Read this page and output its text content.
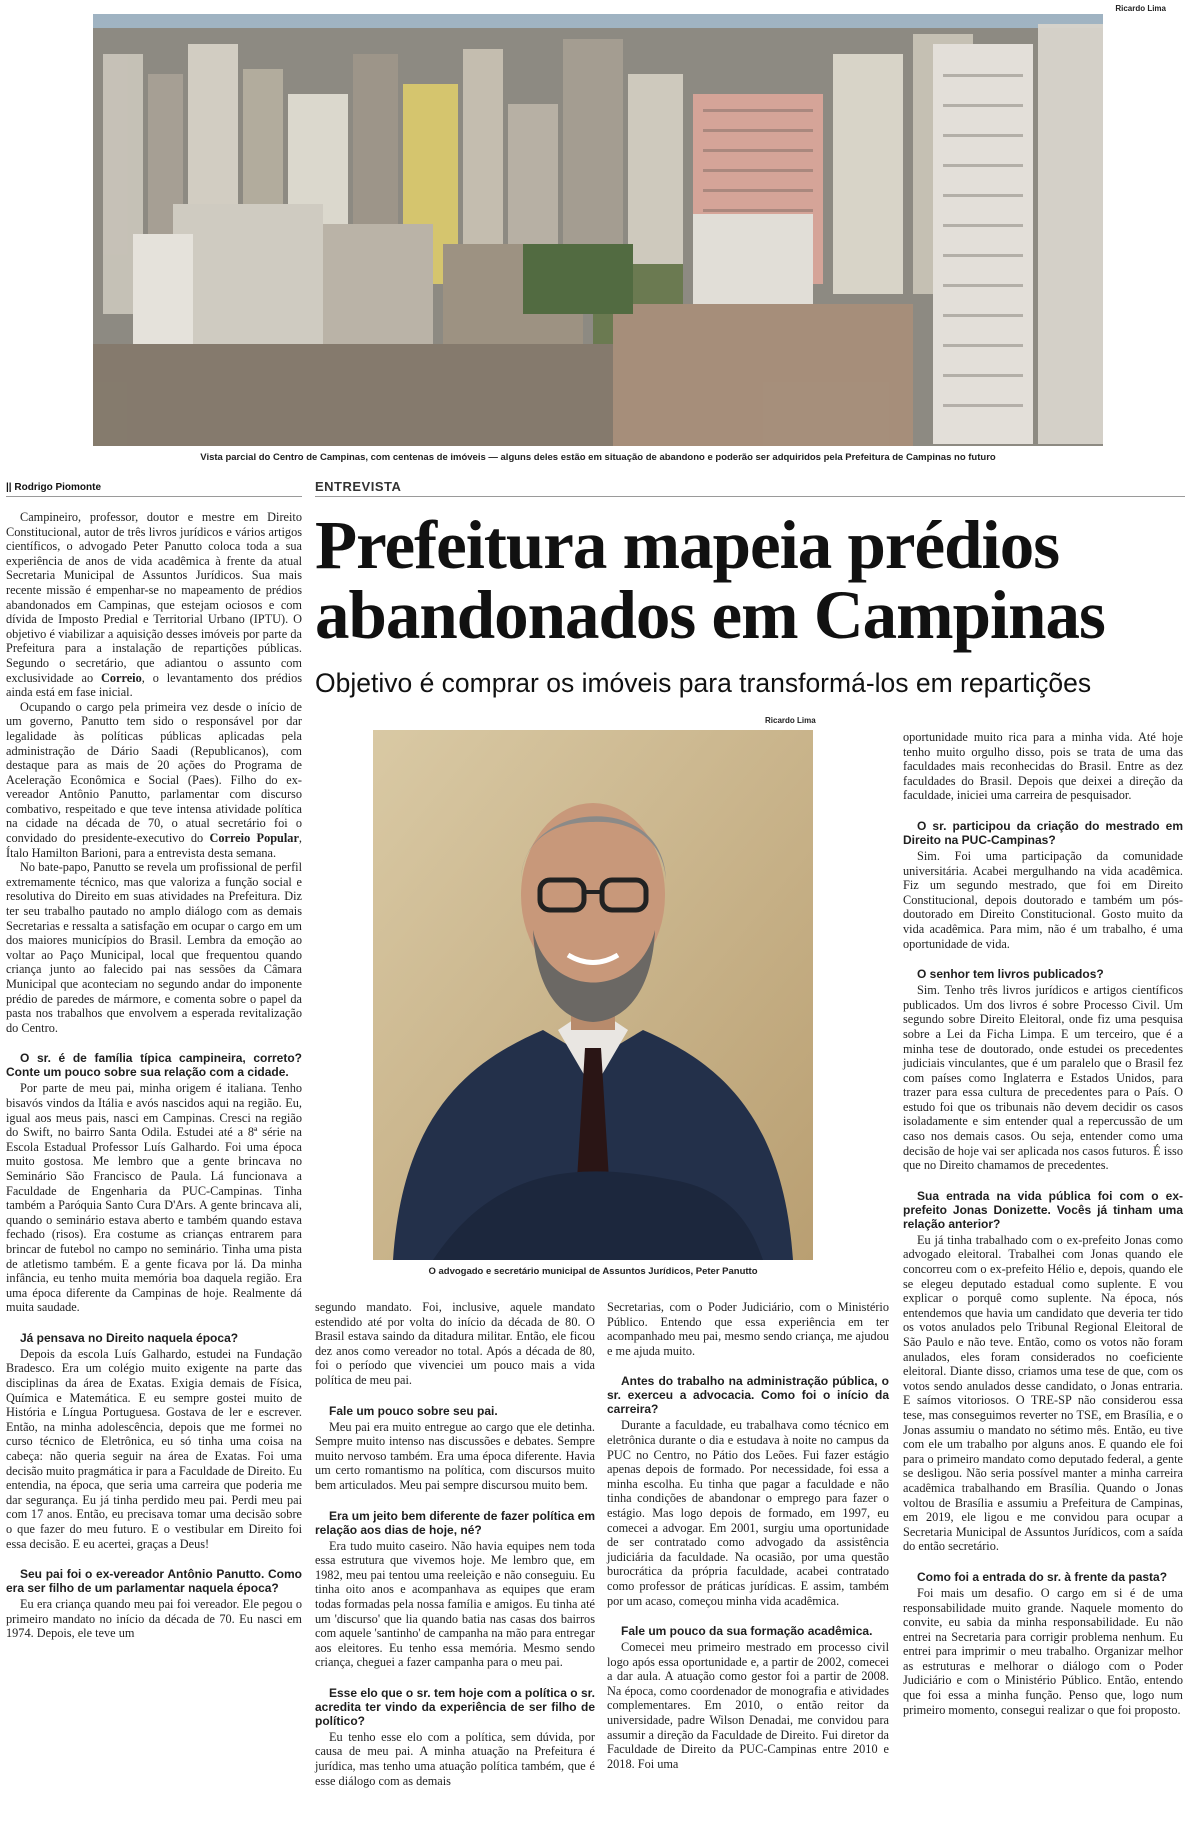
Ricardo Lima
Vista parcial do Centro de Campinas, com centenas de imóveis — alguns deles estão em situação de abandono e poderão ser adquiridos pela Prefeitura de Campinas no futuro
|| Rodrigo Piomonte	ENTREVISTA
Prefeitura mapeia prédios abandonados em Campinas
Objetivo é comprar os imóveis para transformá-los em repartições
Ricardo Lima
O advogado e secretário municipal de Assuntos Jurídicos, Peter Panutto

Campineiro, professor, doutor e mestre em Direito Constitucional, autor de três livros jurídicos e vários artigos científicos, o advogado Peter Panutto coloca toda a sua experiência de anos de vida acadêmica à frente da atual Secretaria Municipal de Assuntos Jurídicos. Sua mais recente missão é empenhar-se no mapeamento de prédios abandonados em Campinas, que estejam ociosos e com dívida de Imposto Predial e Territorial Urbano (IPTU). O objetivo é viabilizar a aquisição desses imóveis por parte da Prefeitura para a instalação de repartições públicas. Segundo o secretário, que adiantou o assunto com exclusividade ao Correio, o levantamento dos prédios ainda está em fase inicial.

Ocupando o cargo pela primeira vez desde o início de um governo, Panutto tem sido o responsável por dar legalidade às políticas públicas aplicadas pela administração de Dário Saadi (Republicanos), com destaque para as mais de 20 ações do Programa de Aceleração Econômica e Social (Paes). Filho do ex-vereador Antônio Panutto, parlamentar com discurso combativo, respeitado e que teve intensa atividade política na cidade na década de 70, o atual secretário foi o convidado do presidente-executivo do Correio Popular, Ítalo Hamilton Barioni, para a entrevista desta semana.

No bate-papo, Panutto se revela um profissional de perfil extremamente técnico, mas que valoriza a função social e resolutiva do Direito em suas atividades na Prefeitura. Diz ter seu trabalho pautado no amplo diálogo com as demais Secretarias e ressalta a satisfação em ocupar o cargo em um dos maiores municípios do Brasil. Lembra da emoção ao voltar ao Paço Municipal, local que frequentou quando criança junto ao falecido pai nas sessões da Câmara Municipal que aconteciam no segundo andar do imponente prédio de paredes de mármore, e comenta sobre o papel da pasta nos trabalhos que envolvem a esperada revitalização do Centro.

O sr. é de família típica campineira, correto? Conte um pouco sobre sua relação com a cidade.

Por parte de meu pai, minha origem é italiana. Tenho bisavós vindos da Itália e avós nascidos aqui na região. Eu, igual aos meus pais, nasci em Campinas. Cresci na região do Swift, no bairro Santa Odila. Estudei até a 8ª série na Escola Estadual Professor Luís Galhardo. Foi uma época muito gostosa. Me lembro que a gente brincava no Seminário São Francisco de Paula. Lá funcionava a Faculdade de Engenharia da PUC-Campinas. Tinha também a Paróquia Santo Cura D'Ars. A gente brincava ali, quando o seminário estava aberto e também quando estava fechado (risos). Era costume as crianças entrarem para brincar de futebol no campo no seminário. Tinha uma pista de atletismo também. E a gente ficava por lá. Da minha infância, eu tenho muita memória boa daquela região. Era uma época diferente da Campinas de hoje. Realmente dá muita saudade.

Já pensava no Direito naquela época?

Depois da escola Luís Galhardo, estudei na Fundação Bradesco. Era um colégio muito exigente na parte das disciplinas da área de Exatas. Exigia demais de Física, Química e Matemática. E eu sempre gostei muito de História e Língua Portuguesa. Gostava de ler e escrever. Então, na minha adolescência, depois que me formei no curso técnico de Eletrônica, eu só tinha uma coisa na cabeça: não queria seguir na área de Exatas. Foi uma decisão muito pragmática ir para a Faculdade de Direito. Eu entendia, na época, que seria uma carreira que poderia me dar segurança. Eu já tinha perdido meu pai. Perdi meu pai com 17 anos. Então, eu precisava tomar uma decisão sobre o que fazer do meu futuro. E o vestibular em Direito foi essa decisão. E eu acertei, graças a Deus!

Seu pai foi o ex-vereador Antônio Panutto. Como era ser filho de um parlamentar naquela época?

Eu era criança quando meu pai foi vereador. Ele pegou o primeiro mandato no início da década de 70. Eu nasci em 1974. Depois, ele teve um

segundo mandato. Foi, inclusive, aquele mandato estendido até por volta do início da década de 80. O Brasil estava saindo da ditadura militar. Então, ele ficou dez anos como vereador no total. Após a década de 80, foi o período que vivenciei um pouco mais a vida política de meu pai.

Fale um pouco sobre seu pai.

Meu pai era muito entregue ao cargo que ele detinha. Sempre muito intenso nas discussões e debates. Sempre muito nervoso também. Era uma época diferente. Havia um certo romantismo na política, com discursos muito bem articulados. Meu pai sempre discursou muito bem.

Era um jeito bem diferente de fazer política em relação aos dias de hoje, né?

Era tudo muito caseiro. Não havia equipes nem toda essa estrutura que vivemos hoje. Me lembro que, em 1982, meu pai tentou uma reeleição e não conseguiu. Eu tinha oito anos e acompanhava as equipes que eram todas formadas pela nossa família e amigos. Eu tinha até um 'discurso' que lia quando batia nas casas dos bairros com aquele 'santinho' de campanha na mão para entregar aos eleitores. Eu tenho essa memória. Mesmo sendo criança, cheguei a fazer campanha para o meu pai.

Esse elo que o sr. tem hoje com a política o sr. acredita ter vindo da experiência de ser filho de político?

Eu tenho esse elo com a política, sem dúvida, por causa de meu pai. A minha atuação na Prefeitura é jurídica, mas tenho uma atuação política também, que é esse diálogo com as demais

Secretarias, com o Poder Judiciário, com o Ministério Público. Entendo que essa experiência em ter acompanhado meu pai, mesmo sendo criança, me ajudou e me ajuda muito.

Antes do trabalho na administração pública, o sr. exerceu a advocacia. Como foi o início da carreira?

Durante a faculdade, eu trabalhava como técnico em eletrônica durante o dia e estudava à noite no campus da PUC no Centro, no Pátio dos Leões. Fui fazer estágio apenas depois de formado. Por necessidade, foi essa a minha escolha. Eu tinha que pagar a faculdade e não tinha condições de abandonar o emprego para fazer o estágio. Mas logo depois de formado, em 1997, eu comecei a advogar. Em 2001, surgiu uma oportunidade de ser contratado como advogado da assistência judiciária da faculdade. Na ocasião, por uma questão burocrática da própria faculdade, acabei contratado como professor de práticas jurídicas. E assim, também por um acaso, começou minha vida acadêmica.

Fale um pouco da sua formação acadêmica.

Comecei meu primeiro mestrado em processo civil logo após essa oportunidade e, a partir de 2002, comecei a dar aula. A atuação como gestor foi a partir de 2008. Na época, como coordenador de monografia e atividades complementares. Em 2010, o então reitor da universidade, padre Wilson Denadai, me convidou para assumir a direção da Faculdade de Direito. Fui diretor da Faculdade de Direito da PUC-Campinas entre 2010 e 2018. Foi uma

oportunidade muito rica para a minha vida. Até hoje tenho muito orgulho disso, pois se trata de uma das faculdades mais reconhecidas do Brasil. Entre as dez faculdades do Brasil. Depois que deixei a direção da faculdade, iniciei uma carreira de pesquisador.

O sr. participou da criação do mestrado em Direito na PUC-Campinas?

Sim. Foi uma participação da comunidade universitária. Acabei mergulhando na vida acadêmica. Fiz um segundo mestrado, que foi em Direito Constitucional, depois doutorado e também um pós-doutorado em Direito Constitucional. Gosto muito da vida acadêmica. Para mim, não é um trabalho, é uma oportunidade de vida.

O senhor tem livros publicados?

Sim. Tenho três livros jurídicos e artigos científicos publicados. Um dos livros é sobre Processo Civil. Um segundo sobre Direito Eleitoral, onde fiz uma pesquisa sobre a Lei da Ficha Limpa. E um terceiro, que é a minha tese de doutorado, onde estudei os precedentes judiciais vinculantes, que é um paralelo que o Brasil fez com países como Inglaterra e Estados Unidos, para trazer para essa cultura de precedentes para o País. O estudo foi que os tribunais não devem decidir os casos isoladamente e sim entender qual a repercussão de um caso nos demais casos. Ou seja, entender como uma decisão de hoje vai ser aplicada nos casos futuros. É isso que no Direito chamamos de precedentes.

Sua entrada na vida pública foi com o ex-prefeito Jonas Donizette. Vocês já tinham uma relação anterior?

Eu já tinha trabalhado com o ex-prefeito Jonas como advogado eleitoral. Trabalhei com Jonas quando ele concorreu com o ex-prefeito Hélio e, depois, quando ele se elegeu deputado estadual como suplente. E vou explicar o porquê como suplente. Na época, nós entendemos que havia um candidato que deveria ter tido os votos anulados pelo Tribunal Regional Eleitoral de São Paulo e não teve. Então, como os votos não foram anulados, eles foram considerados no coeficiente eleitoral. Diante disso, criamos uma tese de que, com os votos sendo anulados desse candidato, o Jonas entraria. E saímos vitoriosos. O TRE-SP não considerou essa tese, mas conseguimos reverter no TSE, em Brasília, e o Jonas assumiu o mandato no sétimo mês. Então, eu tive com ele um trabalho por alguns anos. E quando ele foi para o primeiro mandato como deputado federal, a gente se desligou. Não seria possível manter a minha carreira acadêmica trabalhando em Brasília. Quando o Jonas voltou de Brasília e assumiu a Prefeitura de Campinas, em 2019, ele ligou e me convidou para ocupar a Secretaria Municipal de Assuntos Jurídicos, com a saída do então secretário.

Como foi a entrada do sr. à frente da pasta?

Foi mais um desafio. O cargo em si é de uma responsabilidade muito grande. Naquele momento do convite, eu sabia da minha responsabilidade. Eu não entrei na Secretaria para corrigir problema nenhum. Eu entrei para imprimir o meu trabalho. Organizar melhor as estruturas e melhorar o diálogo com o Poder Judiciário e com o Ministério Público. Então, entendo que foi essa a minha função. Penso que, logo num primeiro momento, consegui realizar o que foi proposto.
